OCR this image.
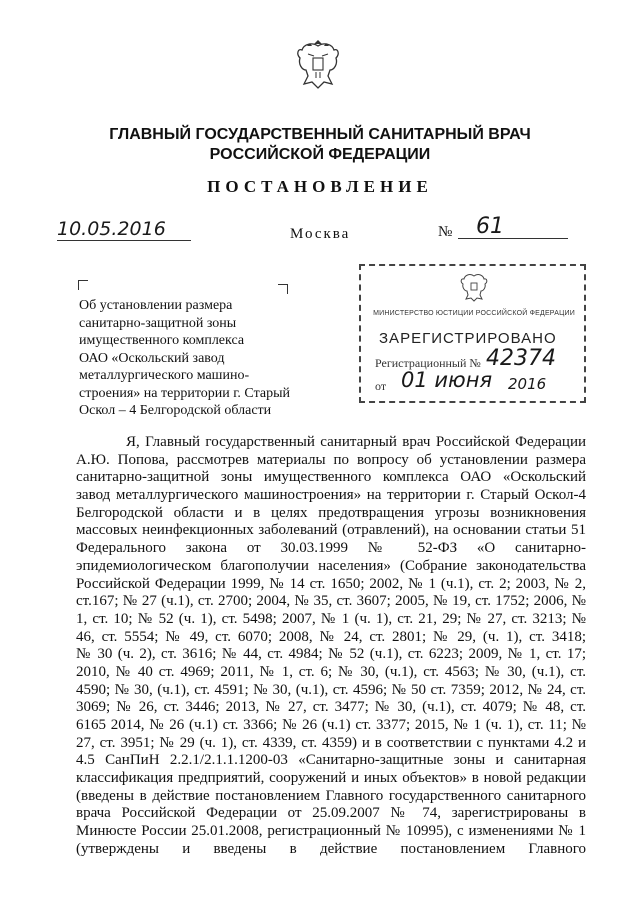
ГЛАВНЫЙ ГОСУДАРСТВЕННЫЙ САНИТАРНЫЙ ВРАЧ
РОССИЙСКОЙ ФЕДЕРАЦИИ
ПОСТАНОВЛЕНИЕ
10.05.2016	Москва	№ 61
Об установлении размера
санитарно-защитной зоны
имущественного комплекса
ОАО «Оскольский завод
металлургического машино-
строения» на территории г. Старый
Оскол – 4 Белгородской области
МИНИСТЕРСТВО ЮСТИЦИИ РОССИЙСКОЙ ФЕДЕРАЦИИ
ЗАРЕГИСТРИРОВАНО
Регистрационный № 42374
от 01 июня 2016
Я, Главный государственный санитарный врач Российской Федерации
А.Ю. Попова, рассмотрев материалы по вопросу об установлении размера
санитарно-защитной зоны имущественного комплекса ОАО «Оскольский
завод металлургического машиностроения» на территории г. Старый Оскол-4
Белгородской области и в целях предотвращения угрозы возникновения
массовых неинфекционных заболеваний (отравлений), на основании статьи 51
Федерального закона от 30.03.1999 № 52-ФЗ «О санитарно-
эпидемиологическом благополучии населения» (Собрание законодательства
Российской Федерации 1999, № 14 ст. 1650; 2002, № 1 (ч.1), ст. 2; 2003, № 2,
ст.167; № 27 (ч.1), ст. 2700; 2004, № 35, ст. 3607; 2005, № 19, ст. 1752; 2006, №
1, ст. 10; № 52 (ч. 1), ст. 5498; 2007, № 1 (ч. 1), ст. 21, 29; № 27, ст. 3213; №
46, ст. 5554; № 49, ст. 6070; 2008, № 24, ст. 2801; № 29, (ч. 1), ст. 3418;
№ 30 (ч. 2), ст. 3616; № 44, ст. 4984; № 52 (ч.1), ст. 6223; 2009, № 1, ст. 17;
2010, № 40 ст. 4969; 2011, № 1, ст. 6; № 30, (ч.1), ст. 4563; № 30, (ч.1), ст.
4590; № 30, (ч.1), ст. 4591; № 30, (ч.1), ст. 4596; № 50 ст. 7359; 2012, № 24, ст.
3069; № 26, ст. 3446; 2013, № 27, ст. 3477; № 30, (ч.1), ст. 4079; № 48, ст.
6165 2014, № 26 (ч.1) ст. 3366; № 26 (ч.1) ст. 3377; 2015, № 1 (ч. 1), ст. 11; №
27, ст. 3951; № 29 (ч. 1), ст. 4339, ст. 4359) и в соответствии с пунктами 4.2 и
4.5 СанПиН 2.2.1/2.1.1.1200-03 «Санитарно-защитные зоны и санитарная
классификация предприятий, сооружений и иных объектов» в новой редакции
(введены в действие постановлением Главного государственного санитарного
врача Российской Федерации от 25.09.2007 № 74, зарегистрированы в
Минюсте России 25.01.2008, регистрационный № 10995), с изменениями № 1
(утверждены и введены в действие постановлением Главного
